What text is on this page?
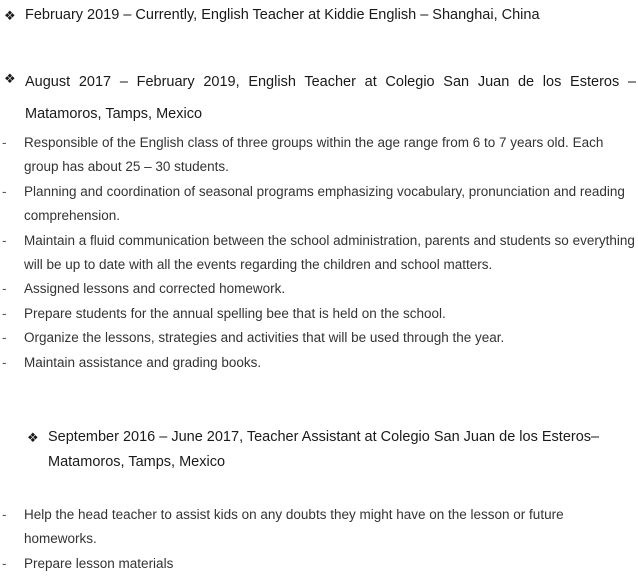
❖ February 2019 – Currently, English Teacher at Kiddie English – Shanghai, China
❖ August 2017 – February 2019, English Teacher at Colegio San Juan de los Esteros – Matamoros, Tamps, Mexico
- Responsible of the English class of three groups within the age range from 6 to 7 years old. Each group has about 25 – 30 students.
- Planning and coordination of seasonal programs emphasizing vocabulary, pronunciation and reading comprehension.
- Maintain a fluid communication between the school administration, parents and students so everything will be up to date with all the events regarding the children and school matters.
- Assigned lessons and corrected homework.
- Prepare students for the annual spelling bee that is held on the school.
- Organize the lessons, strategies and activities that will be used through the year.
- Maintain assistance and grading books.
❖ September 2016 – June 2017, Teacher Assistant at Colegio San Juan de los Esteros– Matamoros, Tamps, Mexico
- Help the head teacher to assist kids on any doubts they might have on the lesson or future homeworks.
- Prepare lesson materials
